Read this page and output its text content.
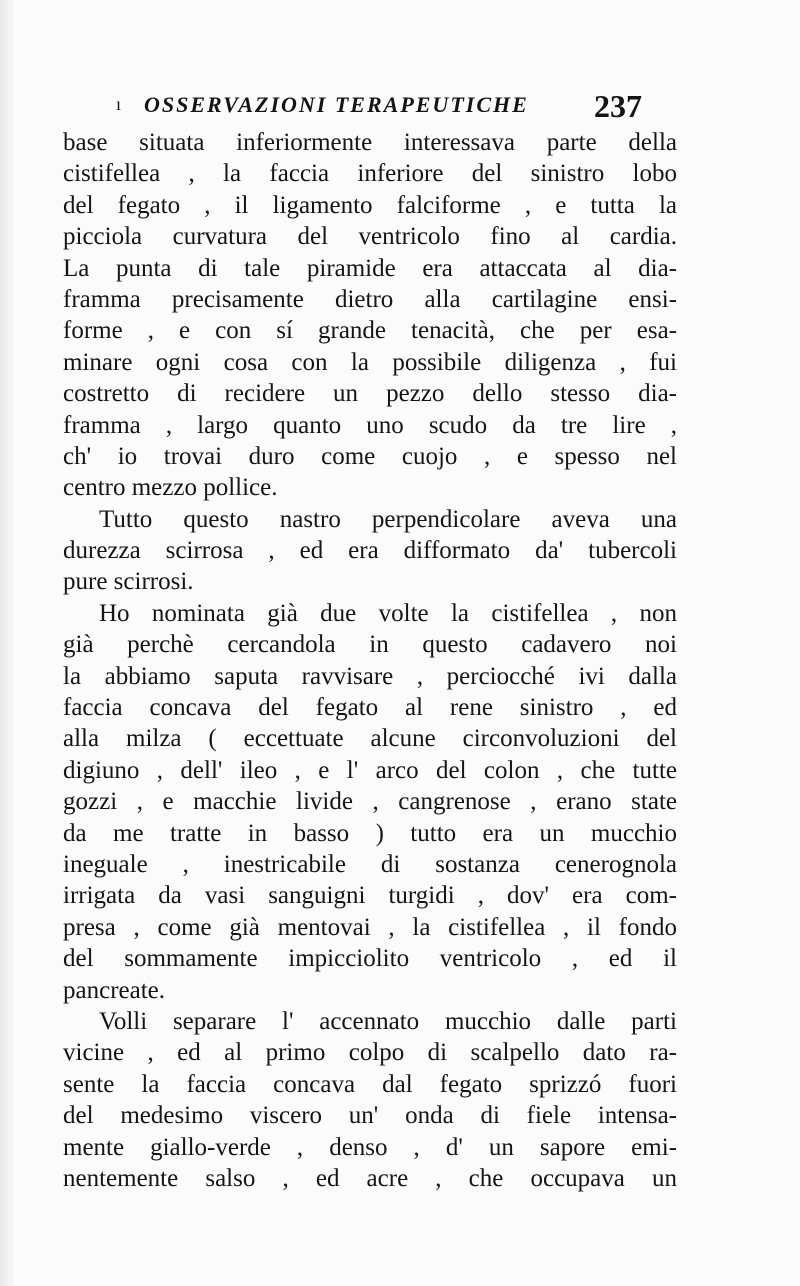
ı OSSERVAZIONI TERAPEUTICHE 237
base situata inferiormente interessava parte della
cistifellea , la faccia inferiore del sinistro lobo
del fegato , il ligamento falciforme , e tutta la
picciola curvatura del ventricolo fino al cardia.
La punta di tale piramide era attaccata al dia-
framma precisamente dietro alla cartilagine ensi-
forme , e con sí grande tenacità, che per esa-
minare ogni cosa con la possibile diligenza , fui
costretto di recidere un pezzo dello stesso dia-
framma , largo quanto uno scudo da tre lire ,
ch' io trovai duro come cuojo , e spesso nel
centro mezzo pollice.
Tutto questo nastro perpendicolare aveva una
durezza scirrosa , ed era difformato da' tubercoli
pure scirrosi.
Ho nominata già due volte la cistifellea , non
già perchè cercandola in questo cadavero noi
la abbiamo saputa ravvisare , perciocché ivi dalla
faccia concava del fegato al rene sinistro , ed
alla milza ( eccettuate alcune circonvoluzioni del
digiuno , dell' ileo , e l' arco del colon , che tutte
gozzi , e macchie livide , cangrenose , erano state
da me tratte in basso ) tutto era un mucchio
ineguale , inestricabile di sostanza cenerognola
irrigata da vasi sanguigni turgidi , dov' era com-
presa , come già mentovai , la cistifellea , il fondo
del sommamente impicciolito ventricolo , ed il
pancreate.
Volli separare l' accennato mucchio dalle parti
vicine , ed al primo colpo di scalpello dato ra-
sente la faccia concava dal fegato sprizzó fuori
del medesimo viscero un' onda di fiele intensa-
mente giallo-verde , denso , d' un sapore emi-
nentemente salso , ed acre , che occupava un
